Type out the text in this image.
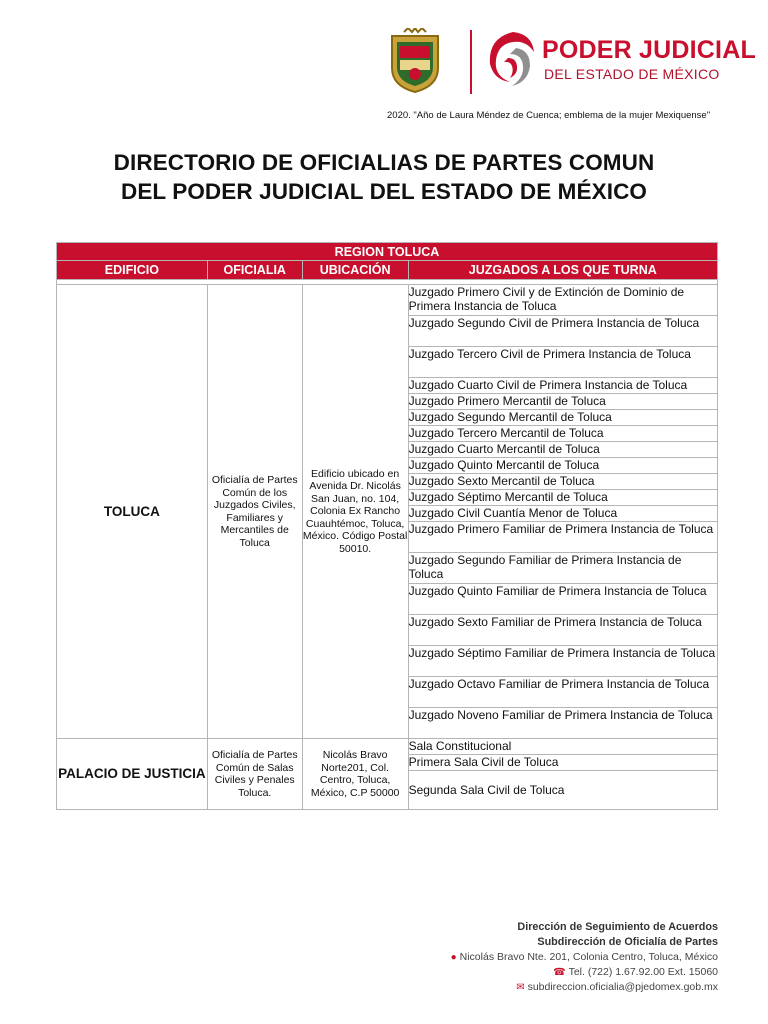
PODER JUDICIAL
DEL ESTADO DE MÉXICO
2020. "Año de Laura Méndez de Cuenca; emblema de la mujer Mexiquense"
DIRECTORIO DE OFICIALIAS DE PARTES COMUN
DEL PODER JUDICIAL DEL ESTADO DE MÉXICO
REGION TOLUCA			
EDIFICIO	OFICIALIA	UBICACIÓN	JUZGADOS A LOS QUE TURNA

TOLUCA	Oficialía de Partes Común de los Juzgados Civiles, Familiares y Mercantiles de Toluca	Edificio ubicado en Avenida Dr. Nicolás San Juan, no. 104, Colonia Ex Rancho Cuauhtémoc, Toluca, México. Código Postal 50010.	Juzgado Primero Civil y de Extinción de Dominio de Primera Instancia de Toluca
			Juzgado Segundo Civil de Primera Instancia de Toluca
			Juzgado Tercero Civil de Primera Instancia de Toluca
			Juzgado Cuarto Civil de Primera Instancia de Toluca
			Juzgado Primero Mercantil de Toluca
			Juzgado Segundo Mercantil de Toluca
			Juzgado Tercero Mercantil de Toluca
			Juzgado Cuarto Mercantil de Toluca
			Juzgado Quinto Mercantil de Toluca
			Juzgado Sexto Mercantil de Toluca
			Juzgado Séptimo Mercantil de Toluca
			Juzgado Civil Cuantía Menor de Toluca
			Juzgado Primero Familiar de Primera Instancia de Toluca
			Juzgado Segundo Familiar de Primera Instancia de Toluca
			Juzgado Quinto Familiar de Primera Instancia de Toluca
			Juzgado Sexto Familiar de Primera Instancia de Toluca
			Juzgado Séptimo Familiar de Primera Instancia de Toluca
			Juzgado Octavo Familiar de Primera Instancia de Toluca
			Juzgado Noveno Familiar de Primera Instancia de Toluca
PALACIO DE JUSTICIA	Oficialía de Partes Común de Salas Civiles y Penales Toluca.	Nicolás Bravo Norte201, Col. Centro, Toluca, México, C.P 50000	Sala Constitucional
			Primera Sala Civil de Toluca
			Segunda Sala Civil de Toluca
Dirección de Seguimiento de Acuerdos
Subdirección de Oficialía de Partes
● Nicolás Bravo Nte. 201, Colonia Centro, Toluca, México
☎ Tel. (722) 1.67.92.00 Ext. 15060
✉ subdireccion.oficialia@pjedomex.gob.mx
